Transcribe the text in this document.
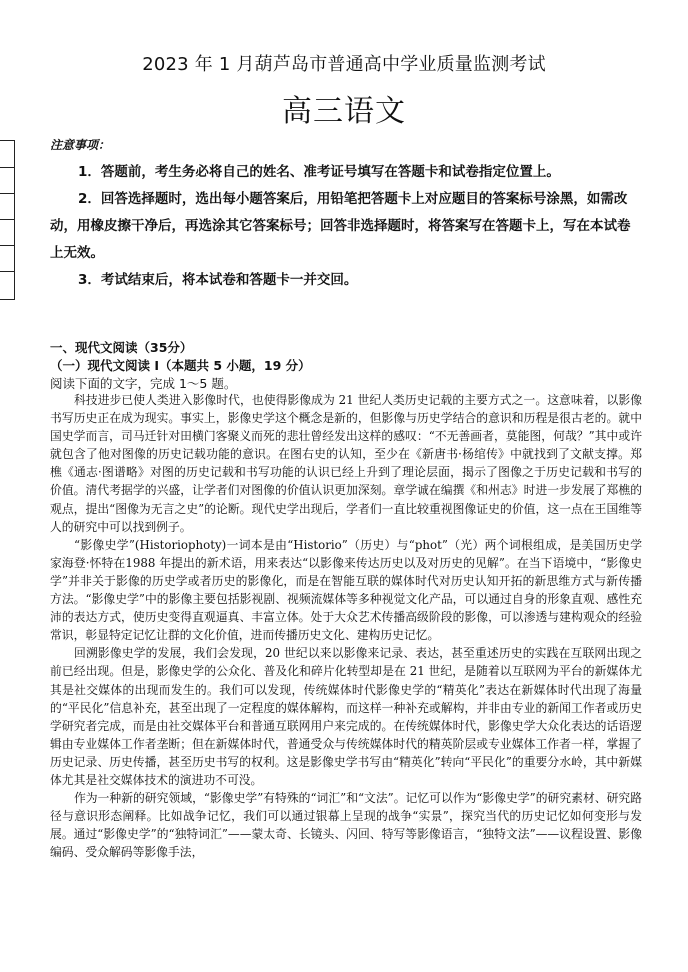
2023 年 1 月葫芦岛市普通高中学业质量监测考试
高三语文
注意事项：
1．答题前，考生务必将自己的姓名、准考证号填写在答题卡和试卷指定位置上。
2．回答选择题时，选出每小题答案后，用铅笔把答题卡上对应题目的答案标号涂黑，如需改动，用橡皮擦干净后，再选涂其它答案标号；回答非选择题时，将答案写在答题卡上，写在本试卷上无效。
3．考试结束后，将本试卷和答题卡一并交回。
一、现代文阅读（35分）
（一）现代文阅读 I（本题共 5 小题，19 分）
阅读下面的文字，完成 1～5 题。

科技进步已使人类进入影像时代，也使得影像成为 21 世纪人类历史记载的主要方式之一。这意味着，以影像书写历史正在成为现实。事实上，影像史学这个概念是新的，但影像与历史学结合的意识和历程是很古老的。就中国史学而言，司马迁针对田横门客聚义而死的悲壮曾经发出这样的感叹：“不无善画者，莫能图，何哉？”其中或许就包含了他对图像的历史记载功能的意识。在图右史的认知，至少在《新唐书·杨绾传》中就找到了文献支撑。郑樵《通志·图谱略》对图的历史记载和书写功能的认识已经上升到了理论层面，揭示了图像之于历史记载和书写的价值。清代考据学的兴盛，让学者们对图像的价值认识更加深刻。章学诚在编撰《和州志》时进一步发展了郑樵的观点，提出“图像为无言之史”的论断。现代史学出现后，学者们一直比较重视图像证史的价值，这一点在王国维等人的研究中可以找到例子。

“影像史学”(Historiophoty)一词本是由“Historio”（历史）与“phot”（光）两个词根组成，是美国历史学家海登·怀特在1988 年提出的新术语，用来表达“以影像来传达历史以及对历史的见解”。在当下语境中，“影像史学”并非关于影像的历史学或者历史的影像化，而是在智能互联的媒体时代对历史认知开拓的新思维方式与新传播方法。“影像史学”中的影像主要包括影视剧、视频流媒体等多种视觉文化产品，可以通过自身的形象直观、感性充沛的表达方式，使历史变得直观逼真、丰富立体。处于大众艺术传播高级阶段的影像，可以渗透与建构观众的经验常识，彰显特定记忆让群的文化价值，进而传播历史文化、建构历史记忆。

回溯影像史学的发展，我们会发现，20 世纪以来以影像来记录、表达，甚至重述历史的实践在互联网出现之前已经出现。但是，影像史学的公众化、普及化和碎片化转型却是在 21 世纪，是随着以互联网为平台的新媒体尤其是社交媒体的出现而发生的。我们可以发现，传统媒体时代影像史学的“精英化”表达在新媒体时代出现了海量的“平民化”信息补充，甚至出现了一定程度的媒体解构，而这样一种补充或解构，并非由专业的新闻工作者或历史学研究者完成，而是由社交媒体平台和普通互联网用户来完成的。在传统媒体时代，影像史学大众化表达的话语逻辑由专业媒体工作者垄断；但在新媒体时代，普通受众与传统媒体时代的精英阶层或专业媒体工作者一样，掌握了历史记录、历史传播，甚至历史书写的权利。这是影像史学书写由“精英化”转向“平民化”的重要分水岭，其中新媒体尤其是社交媒体技术的演进功不可没。

作为一种新的研究领域，“影像史学”有特殊的“词汇”和“文法”。记忆可以作为“影像史学”的研究素材、研究路径与意识形态阐释。比如战争记忆，我们可以通过银幕上呈现的战争“实景”，探究当代的历史记忆如何变形与发展。通过“影像史学”的“独特词汇”——蒙太奇、长镜头、闪回、特写等影像语言，“独特文法”——议程设置、影像编码、受众解码等影像手法，
